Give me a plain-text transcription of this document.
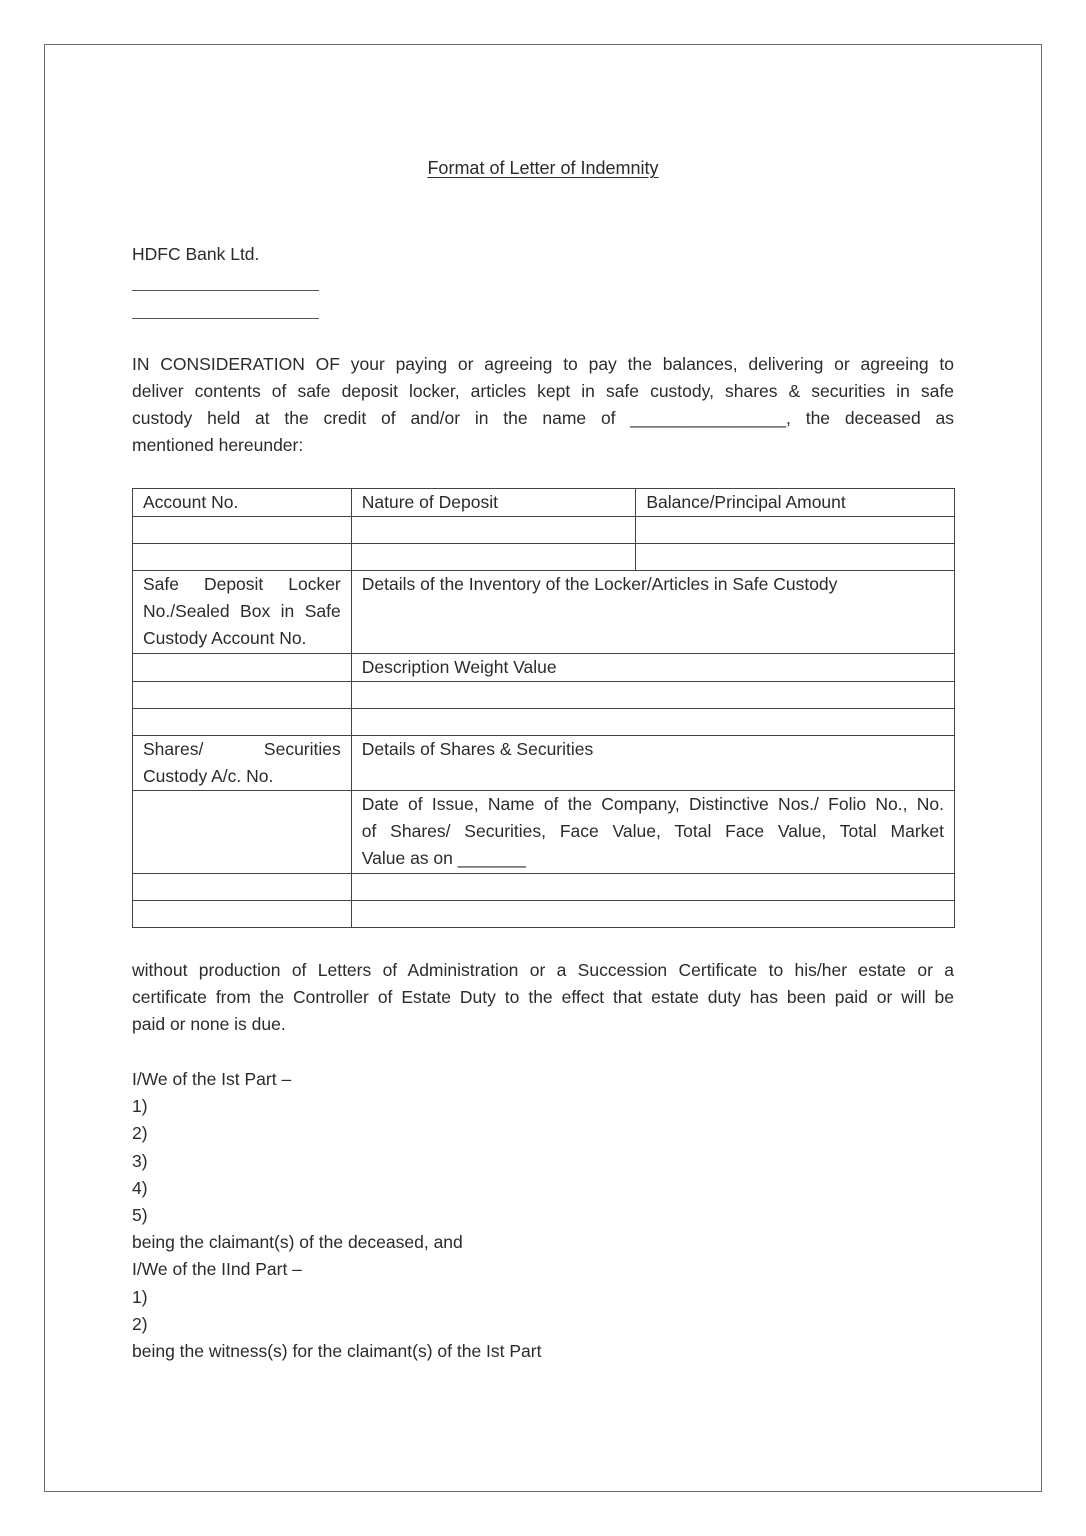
Format of Letter of Indemnity
HDFC Bank Ltd.
IN CONSIDERATION OF your paying or agreeing to pay the balances, delivering or agreeing to
deliver contents of safe deposit locker, articles kept in safe custody, shares & securities in safe
custody held at the credit of and/or in the name of ________________, the deceased as
mentioned hereunder:
Account No.	Nature of Deposit	Balance/Principal Amount

Safe Deposit Locker
No./Sealed Box in Safe
Custody Account No.	Details of the Inventory of the Locker/Articles in Safe Custody	
	Description Weight Value	

Shares/ Securities
Custody A/c. No.	Details of Shares & Securities	

	Date of Issue, Name of the Company, Distinctive Nos./ Folio No., No.
of Shares/ Securities, Face Value, Total Face Value, Total Market
Value as on _______	

without production of Letters of Administration or a Succession Certificate to his/her estate or a
certificate from the Controller of Estate Duty to the effect that estate duty has been paid or will be
paid or none is due.
I/We of the Ist Part –
1)
2)
3)
4)
5)
being the claimant(s) of the deceased, and
I/We of the IInd Part –
1)
2)
being the witness(s) for the claimant(s) of the Ist Part
